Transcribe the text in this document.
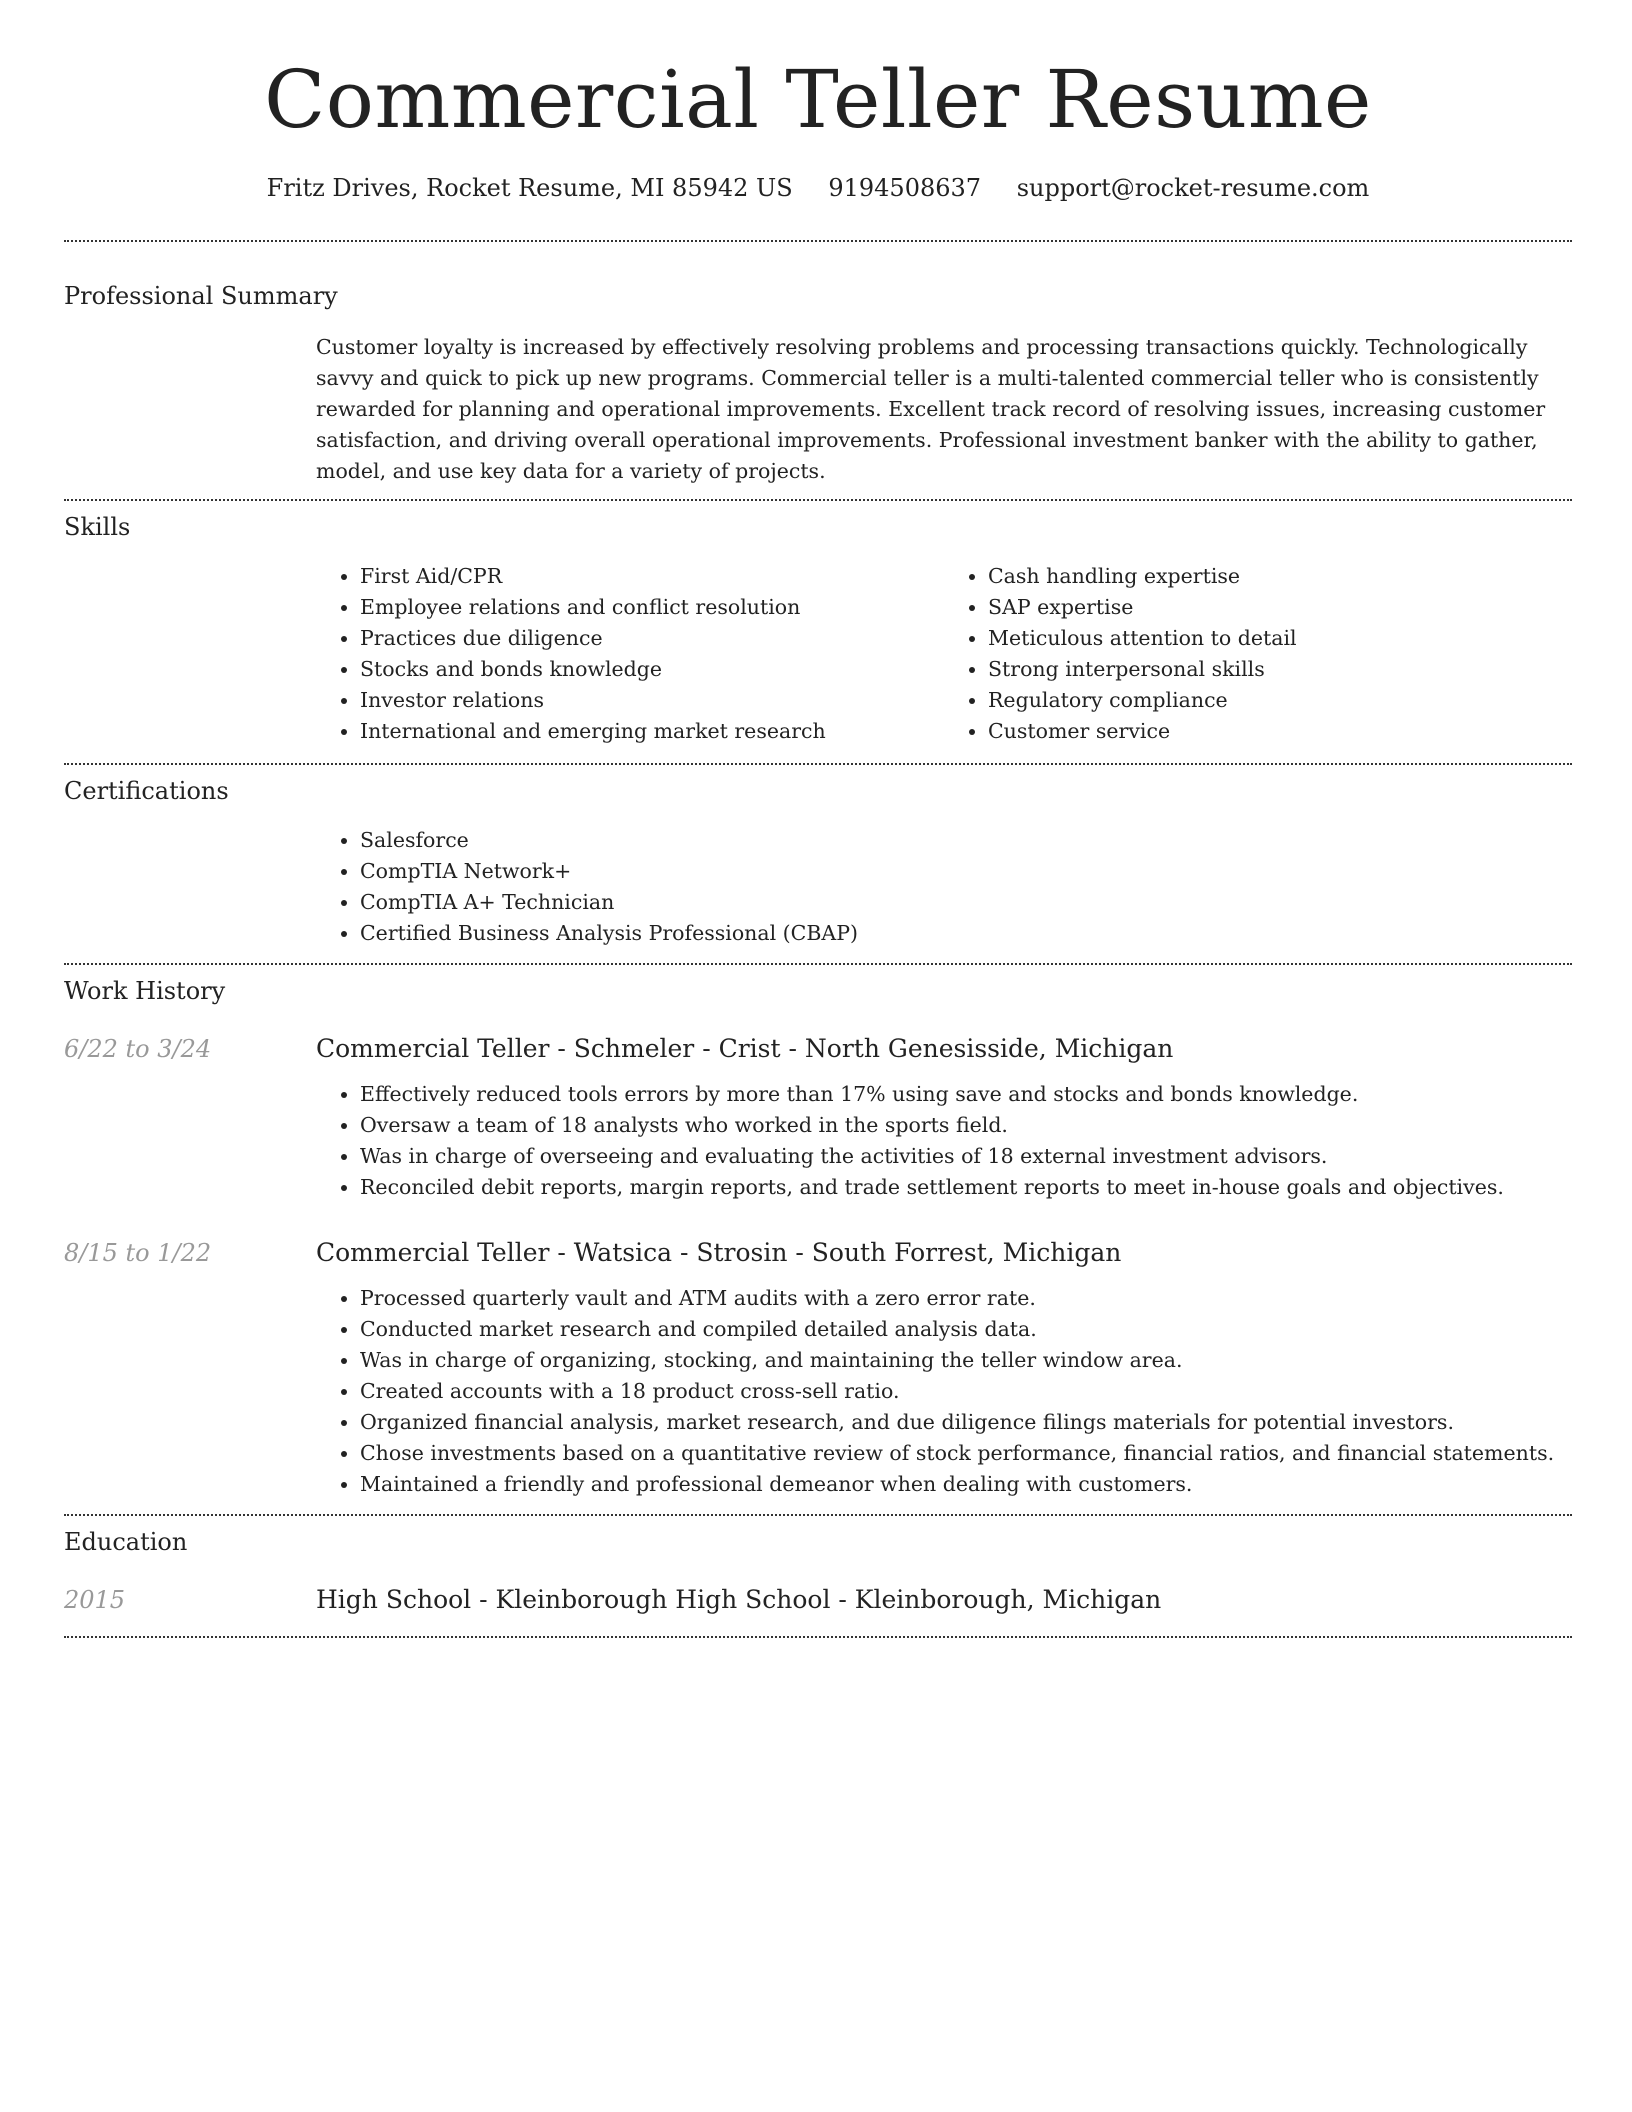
Commercial Teller Resume
Fritz Drives, Rocket Resume, MI 85942 US 9194508637 support@rocket-resume.com
Professional Summary

Customer loyalty is increased by effectively resolving problems and processing transactions quickly. Technologically savvy and quick to pick up new programs. Commercial teller is a multi-talented commercial teller who is consistently rewarded for planning and operational improvements. Excellent track record of resolving issues, increasing customer satisfaction, and driving overall operational improvements. Professional investment banker with the ability to gather, model, and use key data for a variety of projects.

Skills
• First Aid/CPR
• Employee relations and conflict resolution
• Practices due diligence
• Stocks and bonds knowledge
• Investor relations
• International and emerging market research
• Cash handling expertise
• SAP expertise
• Meticulous attention to detail
• Strong interpersonal skills
• Regulatory compliance
• Customer service
Certifications
• Salesforce
• CompTIA Network+
• CompTIA A+ Technician
• Certified Business Analysis Professional (CBAP)
Work History
6/22 to 3/24	Commercial Teller - Schmeler - Crist - North Genesisside, Michigan
• Effectively reduced tools errors by more than 17% using save and stocks and bonds knowledge.
• Oversaw a team of 18 analysts who worked in the sports field.
• Was in charge of overseeing and evaluating the activities of 18 external investment advisors.
• Reconciled debit reports, margin reports, and trade settlement reports to meet in-house goals and objectives.
8/15 to 1/22	Commercial Teller - Watsica - Strosin - South Forrest, Michigan
• Processed quarterly vault and ATM audits with a zero error rate.
• Conducted market research and compiled detailed analysis data.
• Was in charge of organizing, stocking, and maintaining the teller window area.
• Created accounts with a 18 product cross-sell ratio.
• Organized financial analysis, market research, and due diligence filings materials for potential investors.
• Chose investments based on a quantitative review of stock performance, financial ratios, and financial statements.
• Maintained a friendly and professional demeanor when dealing with customers.
Education
2015	High School - Kleinborough High School - Kleinborough, Michigan
